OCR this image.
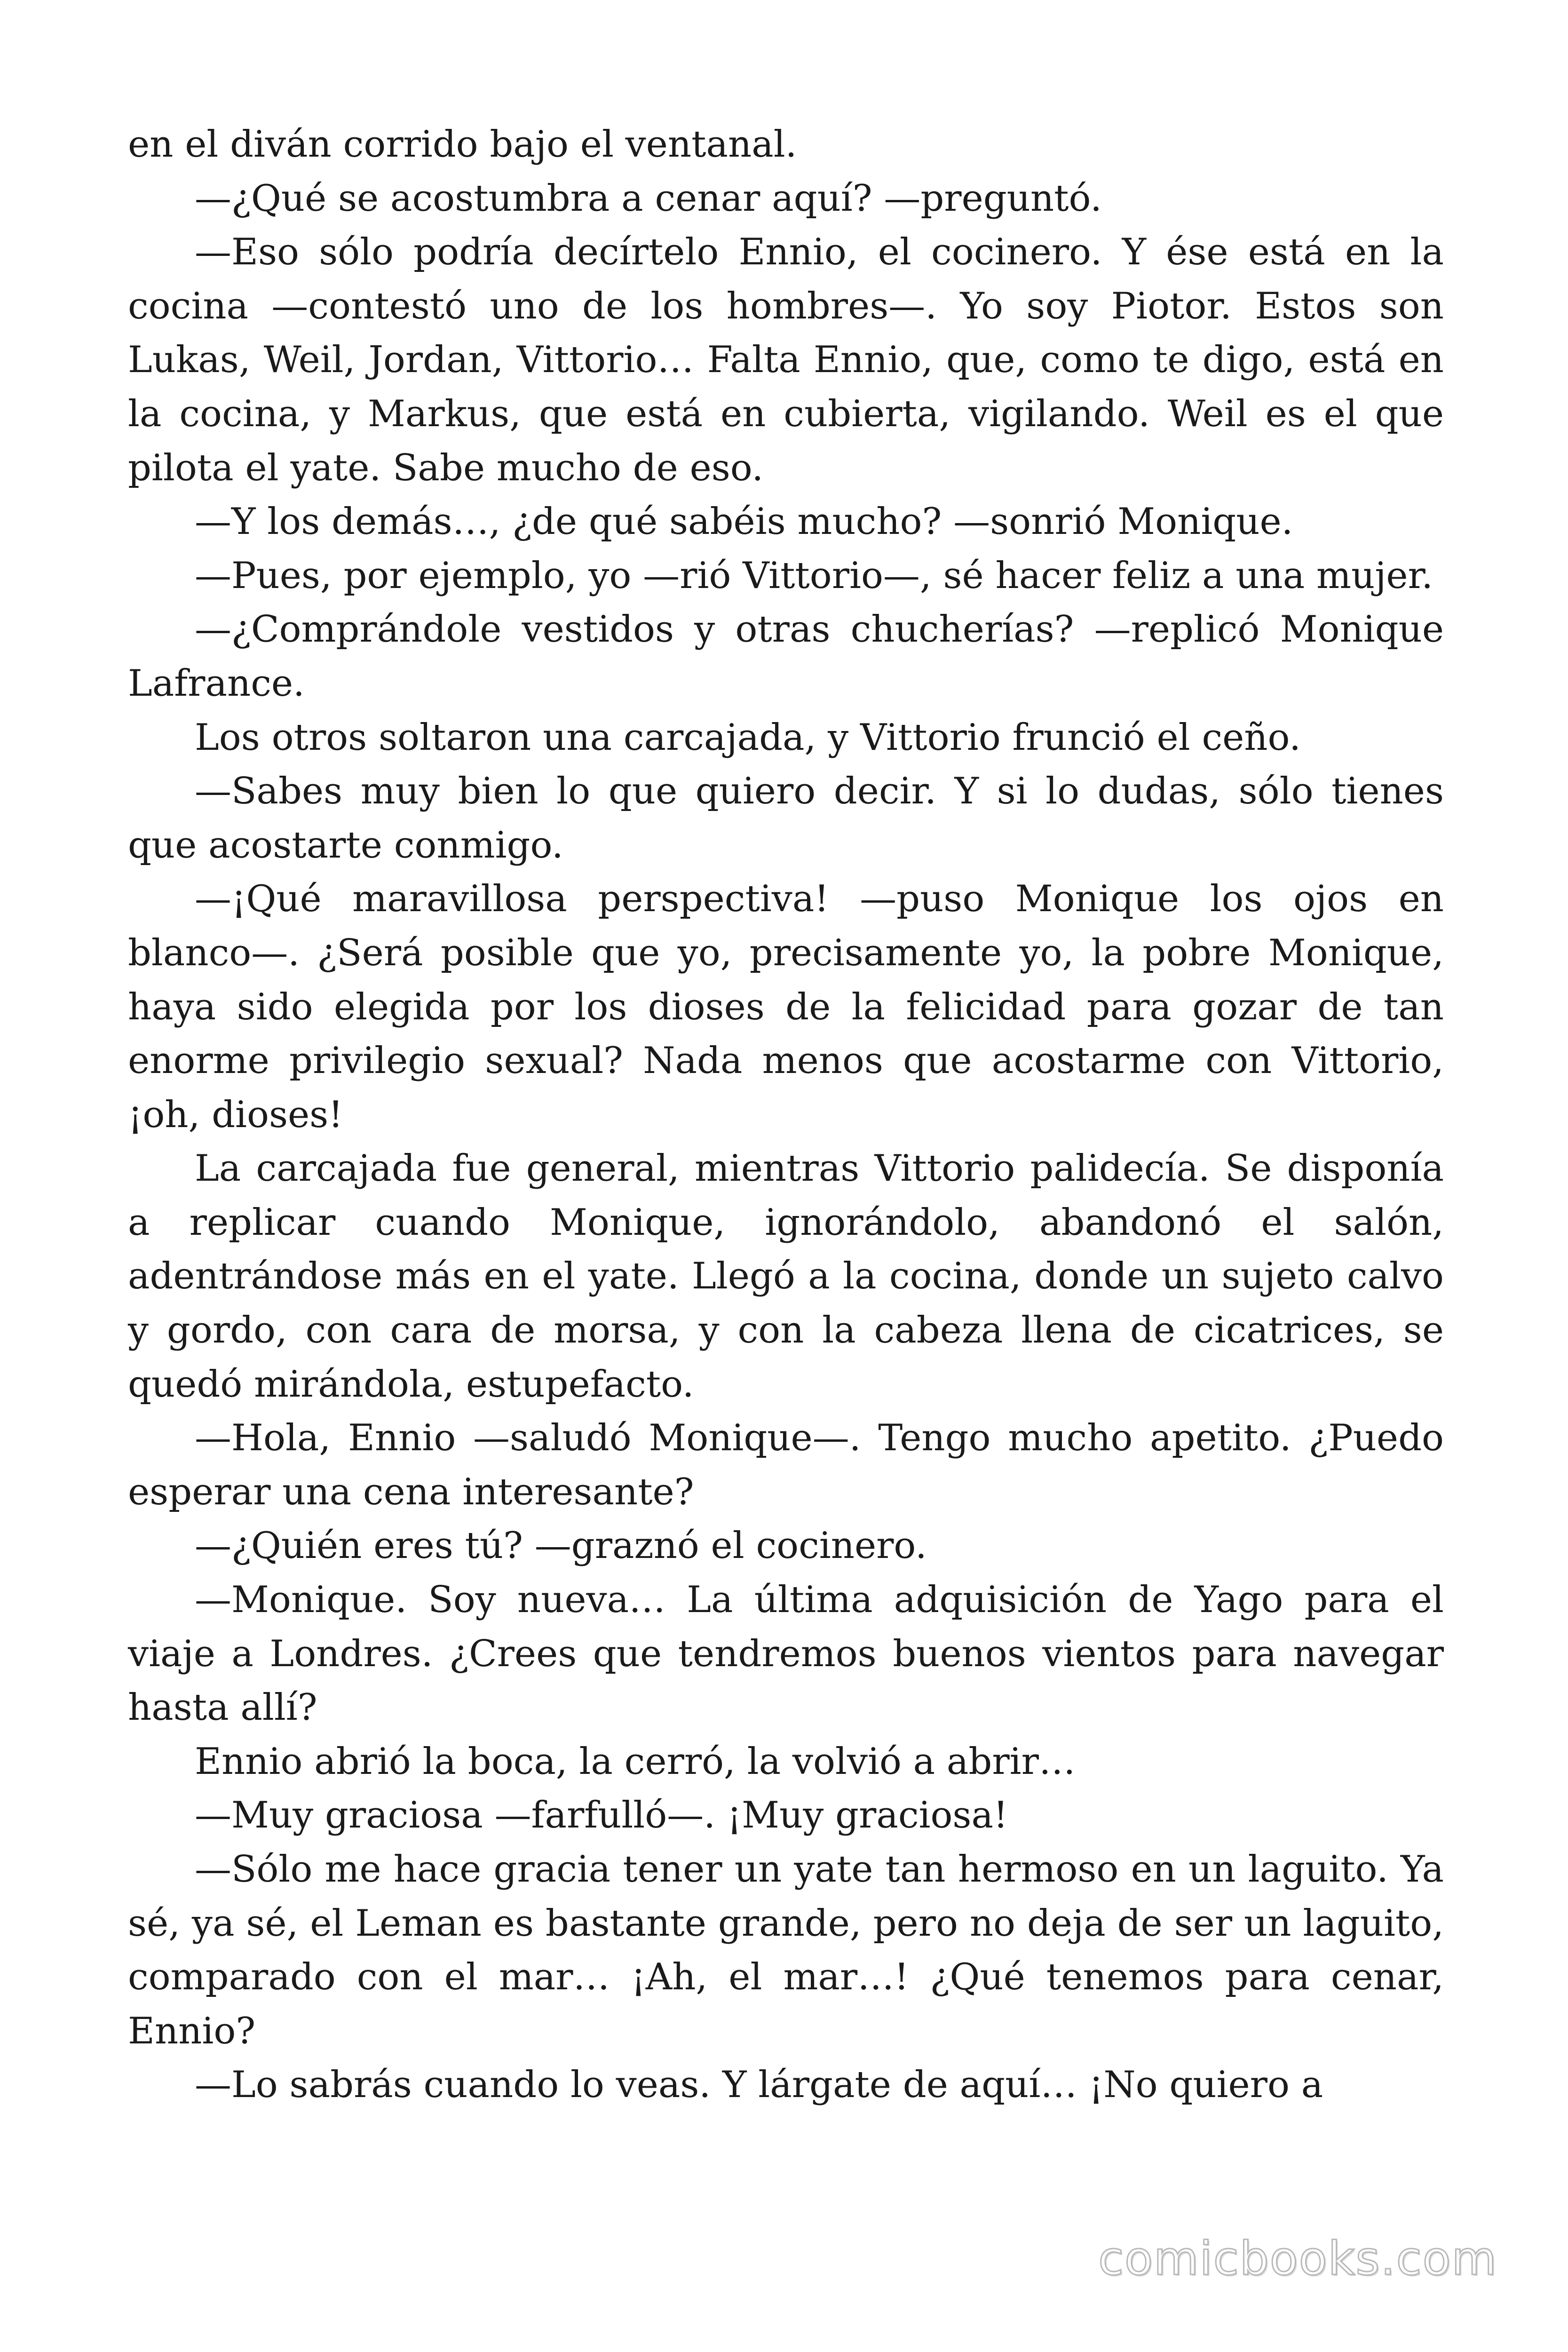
en el diván corrido bajo el ventanal.

—¿Qué se acostumbra a cenar aquí? —preguntó.

—Eso sólo podría decírtelo Ennio, el cocinero. Y ése está en la cocina —contestó uno de los hombres—. Yo soy Piotor. Estos son Lukas, Weil, Jordan, Vittorio… Falta Ennio, que, como te digo, está en la cocina, y Markus, que está en cubierta, vigilando. Weil es el que pilota el yate. Sabe mucho de eso.

—Y los demás…, ¿de qué sabéis mucho? —sonrió Monique.

—Pues, por ejemplo, yo —rió Vittorio—, sé hacer feliz a una mujer.

—¿Comprándole vestidos y otras chucherías? —replicó Monique Lafrance.

Los otros soltaron una carcajada, y Vittorio frunció el ceño.

—Sabes muy bien lo que quiero decir. Y si lo dudas, sólo tienes que acostarte conmigo.

—¡Qué maravillosa perspectiva! —puso Monique los ojos en blanco—. ¿Será posible que yo, precisamente yo, la pobre Monique, haya sido elegida por los dioses de la felicidad para gozar de tan enorme privilegio sexual? Nada menos que acostarme con Vittorio, ¡oh, dioses!

La carcajada fue general, mientras Vittorio palidecía. Se disponía a replicar cuando Monique, ignorándolo, abandonó el salón, adentrándose más en el yate. Llegó a la cocina, donde un sujeto calvo y gordo, con cara de morsa, y con la cabeza llena de cicatrices, se quedó mirándola, estupefacto.

—Hola, Ennio —saludó Monique—. Tengo mucho apetito. ¿Puedo esperar una cena interesante?

—¿Quién eres tú? —graznó el cocinero.

—Monique. Soy nueva… La última adquisición de Yago para el viaje a Londres. ¿Crees que tendremos buenos vientos para navegar hasta allí?

Ennio abrió la boca, la cerró, la volvió a abrir…

—Muy graciosa —farfulló—. ¡Muy graciosa!

—Sólo me hace gracia tener un yate tan hermoso en un laguito. Ya sé, ya sé, el Leman es bastante grande, pero no deja de ser un laguito, comparado con el mar… ¡Ah, el mar…! ¿Qué tenemos para cenar, Ennio?

—Lo sabrás cuando lo veas. Y lárgate de aquí… ¡No quiero a

comicbooks.com
